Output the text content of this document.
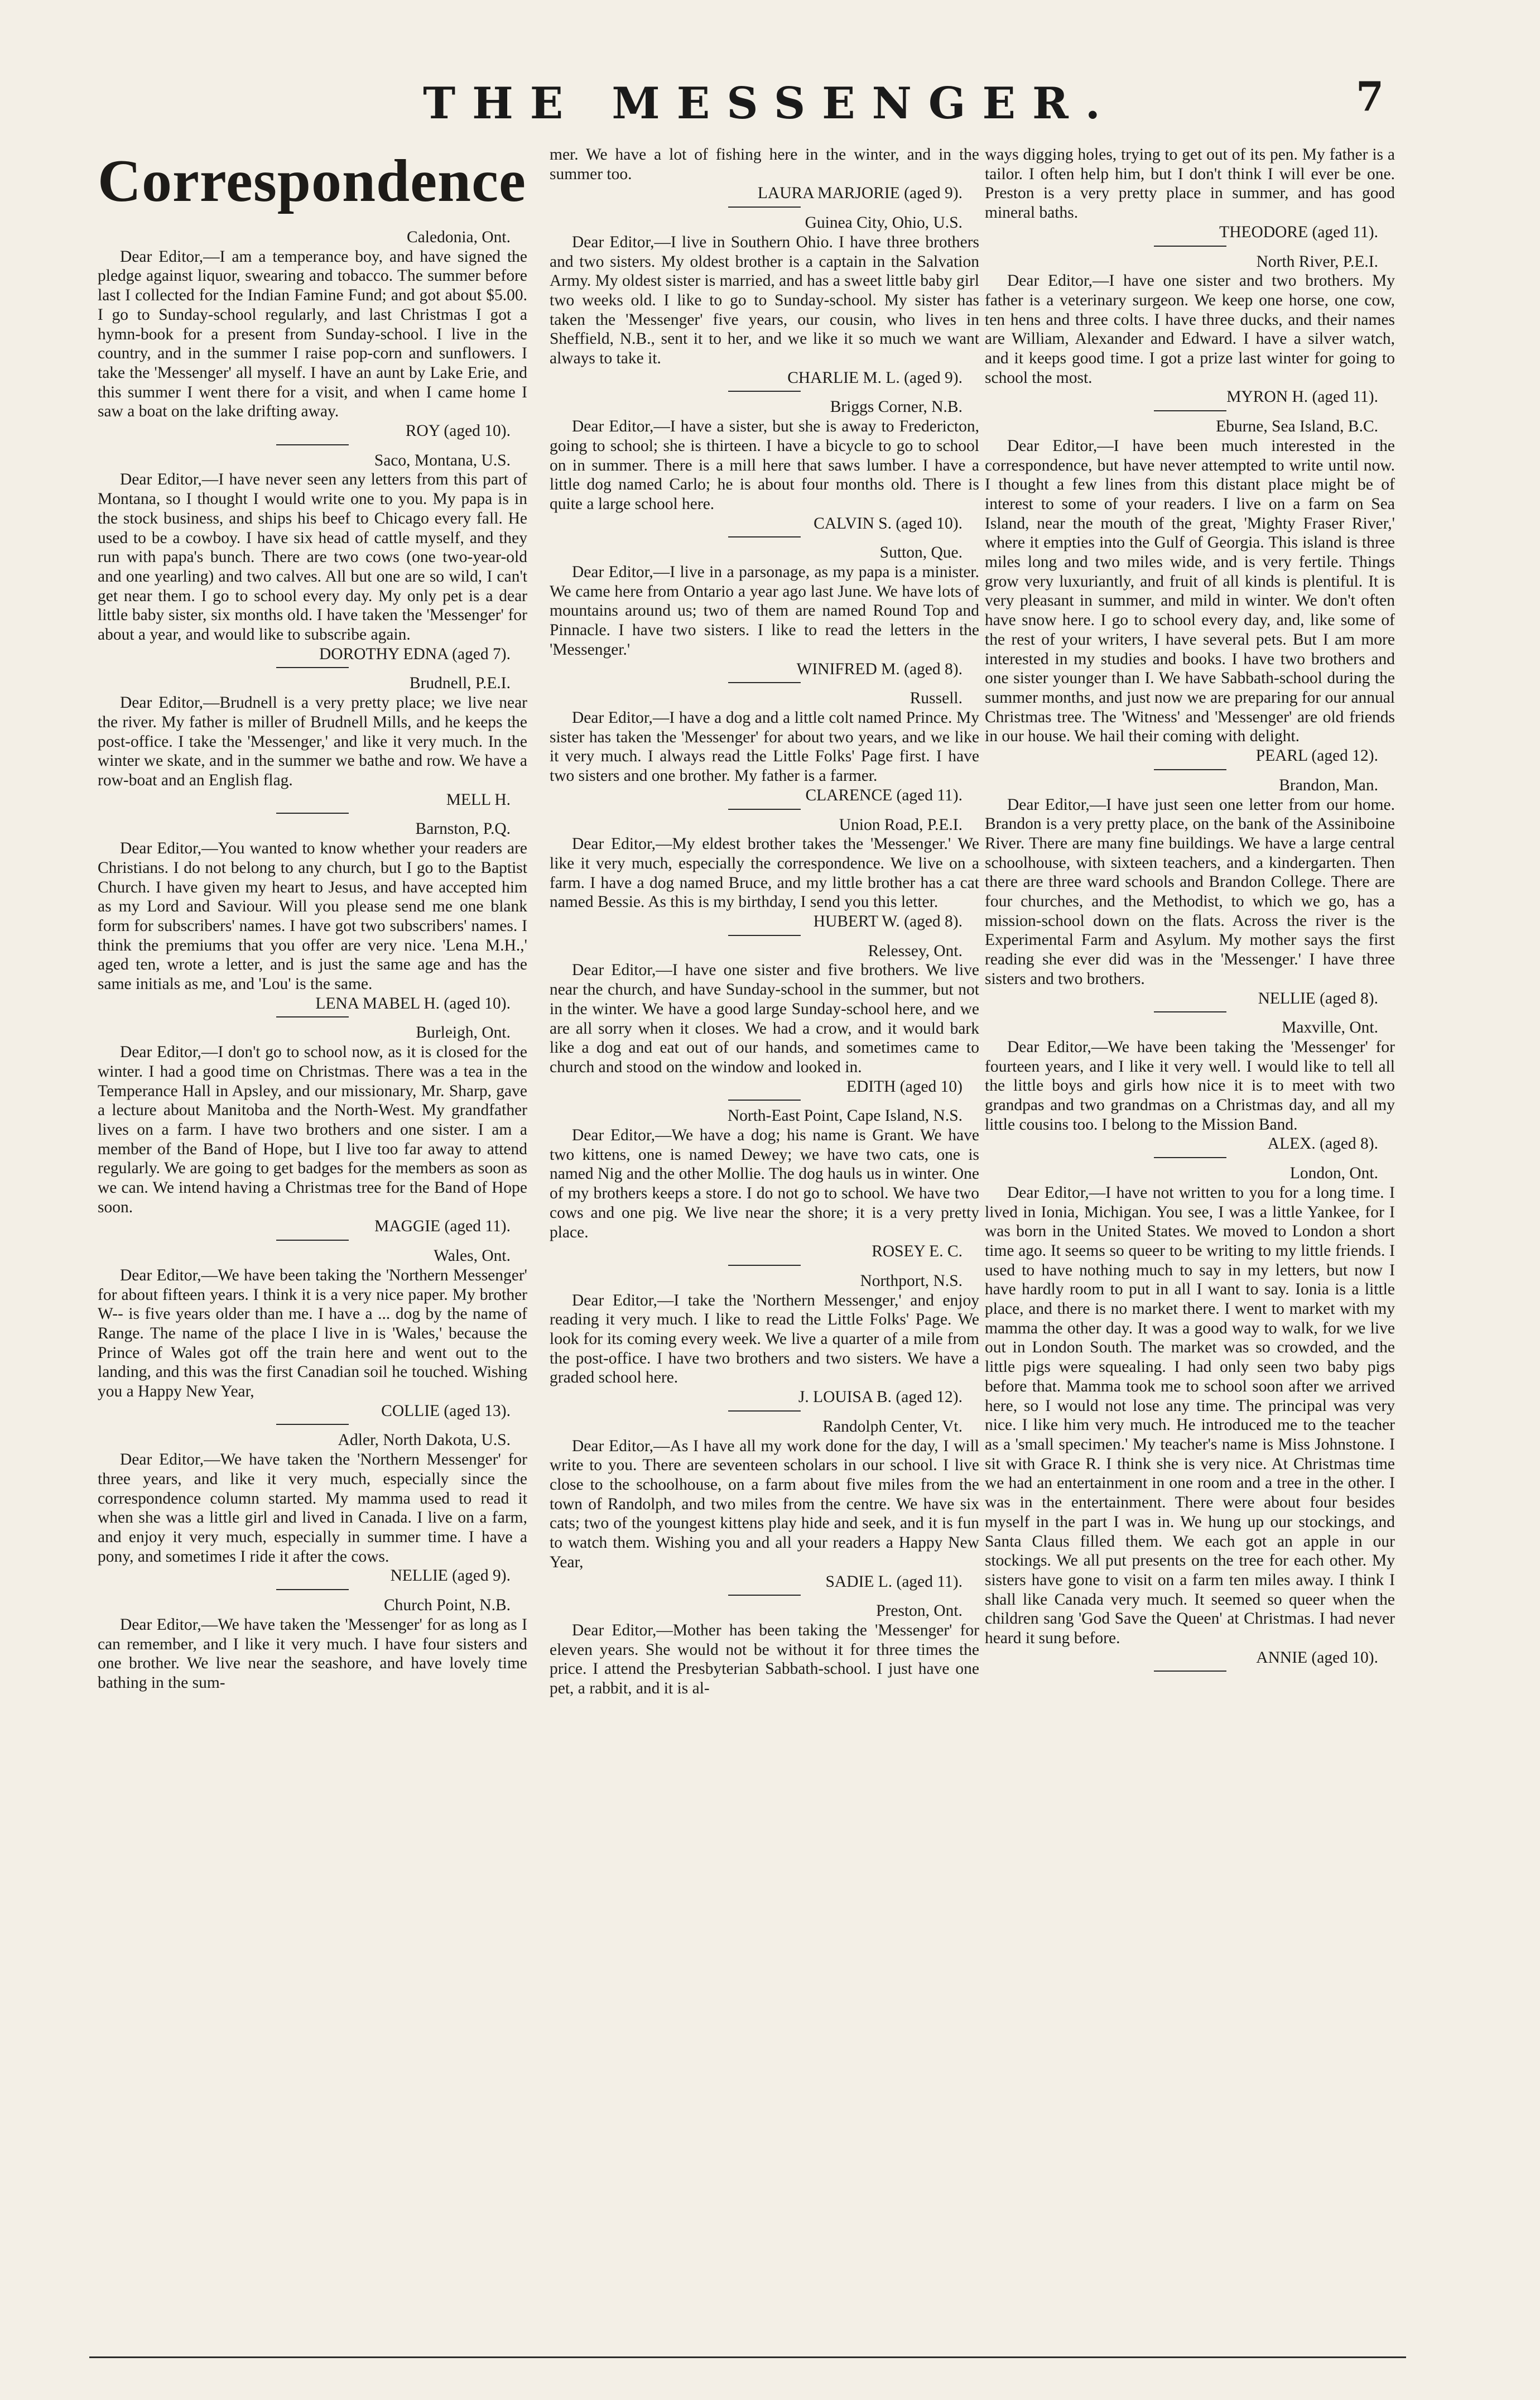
THE MESSENGER.	7
Correspondence

Caledonia, Ont.

Dear Editor,—I am a temperance boy, and have signed the pledge against liquor, swearing and tobacco. The summer before last I collected for the Indian Famine Fund; and got about $5.00. I go to Sunday-school regularly, and last Christmas I got a hymn-book for a present from Sunday-school. I live in the country, and in the summer I raise pop-corn and sunflowers. I take the 'Messenger' all myself. I have an aunt by Lake Erie, and this summer I went there for a visit, and when I came home I saw a boat on the lake drifting away.

ROY (aged 10).

Saco, Montana, U.S.

Dear Editor,—I have never seen any letters from this part of Montana, so I thought I would write one to you. My papa is in the stock business, and ships his beef to Chicago every fall. He used to be a cowboy. I have six head of cattle myself, and they run with papa's bunch. There are two cows (one two-year-old and one yearling) and two calves. All but one are so wild, I can't get near them. I go to school every day. My only pet is a dear little baby sister, six months old. I have taken the 'Messenger' for about a year, and would like to subscribe again.

DOROTHY EDNA (aged 7).

Brudnell, P.E.I.

Dear Editor,—Brudnell is a very pretty place; we live near the river. My father is miller of Brudnell Mills, and he keeps the post-office. I take the 'Messenger,' and like it very much. In the winter we skate, and in the summer we bathe and row. We have a row-boat and an English flag.

MELL H.

Barnston, P.Q.

Dear Editor,—You wanted to know whether your readers are Christians. I do not belong to any church, but I go to the Baptist Church. I have given my heart to Jesus, and have accepted him as my Lord and Saviour. Will you please send me one blank form for subscribers' names. I have got two subscribers' names. I think the premiums that you offer are very nice. 'Lena M.H.,' aged ten, wrote a letter, and is just the same age and has the same initials as me, and 'Lou' is the same.

LENA MABEL H. (aged 10).

Burleigh, Ont.

Dear Editor,—I don't go to school now, as it is closed for the winter. I had a good time on Christmas. There was a tea in the Temperance Hall in Apsley, and our missionary, Mr. Sharp, gave a lecture about Manitoba and the North-West. My grandfather lives on a farm. I have two brothers and one sister. I am a member of the Band of Hope, but I live too far away to attend regularly. We are going to get badges for the members as soon as we can. We intend having a Christmas tree for the Band of Hope soon.

MAGGIE (aged 11).

Wales, Ont.

Dear Editor,—We have been taking the 'Northern Messenger' for about fifteen years. I think it is a very nice paper. My brother W-- is five years older than me. I have a ... dog by the name of Range. The name of the place I live in is 'Wales,' because the Prince of Wales got off the train here and went out to the landing, and this was the first Canadian soil he touched. Wishing you a Happy New Year,

COLLIE (aged 13).

Adler, North Dakota, U.S.

Dear Editor,—We have taken the 'Northern Messenger' for three years, and like it very much, especially since the correspondence column started. My mamma used to read it when she was a little girl and lived in Canada. I live on a farm, and enjoy it very much, especially in summer time. I have a pony, and sometimes I ride it after the cows.

NELLIE (aged 9).

Church Point, N.B.

Dear Editor,—We have taken the 'Messenger' for as long as I can remember, and I like it very much. I have four sisters and one brother. We live near the seashore, and have lovely time bathing in the sum-

mer. We have a lot of fishing here in the winter, and in the summer too.

LAURA MARJORIE (aged 9).

Guinea City, Ohio, U.S.

Dear Editor,—I live in Southern Ohio. I have three brothers and two sisters. My oldest brother is a captain in the Salvation Army. My oldest sister is married, and has a sweet little baby girl two weeks old. I like to go to Sunday-school. My sister has taken the 'Messenger' five years, our cousin, who lives in Sheffield, N.B., sent it to her, and we like it so much we want always to take it.

CHARLIE M. L. (aged 9).

Briggs Corner, N.B.

Dear Editor,—I have a sister, but she is away to Fredericton, going to school; she is thirteen. I have a bicycle to go to school on in summer. There is a mill here that saws lumber. I have a little dog named Carlo; he is about four months old. There is quite a large school here.

CALVIN S. (aged 10).

Sutton, Que.

Dear Editor,—I live in a parsonage, as my papa is a minister. We came here from Ontario a year ago last June. We have lots of mountains around us; two of them are named Round Top and Pinnacle. I have two sisters. I like to read the letters in the 'Messenger.'

WINIFRED M. (aged 8).

Russell.

Dear Editor,—I have a dog and a little colt named Prince. My sister has taken the 'Messenger' for about two years, and we like it very much. I always read the Little Folks' Page first. I have two sisters and one brother. My father is a farmer.

CLARENCE (aged 11).

Union Road, P.E.I.

Dear Editor,—My eldest brother takes the 'Messenger.' We like it very much, especially the correspondence. We live on a farm. I have a dog named Bruce, and my little brother has a cat named Bessie. As this is my birthday, I send you this letter.

HUBERT W. (aged 8).

Relessey, Ont.

Dear Editor,—I have one sister and five brothers. We live near the church, and have Sunday-school in the summer, but not in the winter. We have a good large Sunday-school here, and we are all sorry when it closes. We had a crow, and it would bark like a dog and eat out of our hands, and sometimes came to church and stood on the window and looked in.

EDITH (aged 10)

North-East Point, Cape Island, N.S.

Dear Editor,—We have a dog; his name is Grant. We have two kittens, one is named Dewey; we have two cats, one is named Nig and the other Mollie. The dog hauls us in winter. One of my brothers keeps a store. I do not go to school. We have two cows and one pig. We live near the shore; it is a very pretty place.

ROSEY E. C.

Northport, N.S.

Dear Editor,—I take the 'Northern Messenger,' and enjoy reading it very much. I like to read the Little Folks' Page. We look for its coming every week. We live a quarter of a mile from the post-office. I have two brothers and two sisters. We have a graded school here.

J. LOUISA B. (aged 12).

Randolph Center, Vt.

Dear Editor,—As I have all my work done for the day, I will write to you. There are seventeen scholars in our school. I live close to the schoolhouse, on a farm about five miles from the town of Randolph, and two miles from the centre. We have six cats; two of the youngest kittens play hide and seek, and it is fun to watch them. Wishing you and all your readers a Happy New Year,

SADIE L. (aged 11).

Preston, Ont.

Dear Editor,—Mother has been taking the 'Messenger' for eleven years. She would not be without it for three times the price. I attend the Presbyterian Sabbath-school. I just have one pet, a rabbit, and it is al-

ways digging holes, trying to get out of its pen. My father is a tailor. I often help him, but I don't think I will ever be one. Preston is a very pretty place in summer, and has good mineral baths.

THEODORE (aged 11).

North River, P.E.I.

Dear Editor,—I have one sister and two brothers. My father is a veterinary surgeon. We keep one horse, one cow, ten hens and three colts. I have three ducks, and their names are William, Alexander and Edward. I have a silver watch, and it keeps good time. I got a prize last winter for going to school the most.

MYRON H. (aged 11).

Eburne, Sea Island, B.C.

Dear Editor,—I have been much interested in the correspondence, but have never attempted to write until now. I thought a few lines from this distant place might be of interest to some of your readers. I live on a farm on Sea Island, near the mouth of the great, 'Mighty Fraser River,' where it empties into the Gulf of Georgia. This island is three miles long and two miles wide, and is very fertile. Things grow very luxuriantly, and fruit of all kinds is plentiful. It is very pleasant in summer, and mild in winter. We don't often have snow here. I go to school every day, and, like some of the rest of your writers, I have several pets. But I am more interested in my studies and books. I have two brothers and one sister younger than I. We have Sabbath-school during the summer months, and just now we are preparing for our annual Christmas tree. The 'Witness' and 'Messenger' are old friends in our house. We hail their coming with delight.

PEARL (aged 12).

Brandon, Man.

Dear Editor,—I have just seen one letter from our home. Brandon is a very pretty place, on the bank of the Assiniboine River. There are many fine buildings. We have a large central schoolhouse, with sixteen teachers, and a kindergarten. Then there are three ward schools and Brandon College. There are four churches, and the Methodist, to which we go, has a mission-school down on the flats. Across the river is the Experimental Farm and Asylum. My mother says the first reading she ever did was in the 'Messenger.' I have three sisters and two brothers.

NELLIE (aged 8).

Maxville, Ont.

Dear Editor,—We have been taking the 'Messenger' for fourteen years, and I like it very well. I would like to tell all the little boys and girls how nice it is to meet with two grandpas and two grandmas on a Christmas day, and all my little cousins too. I belong to the Mission Band.

ALEX. (aged 8).

London, Ont.

Dear Editor,—I have not written to you for a long time. I lived in Ionia, Michigan. You see, I was a little Yankee, for I was born in the United States. We moved to London a short time ago. It seems so queer to be writing to my little friends. I used to have nothing much to say in my letters, but now I have hardly room to put in all I want to say. Ionia is a little place, and there is no market there. I went to market with my mamma the other day. It was a good way to walk, for we live out in London South. The market was so crowded, and the little pigs were squealing. I had only seen two baby pigs before that. Mamma took me to school soon after we arrived here, so I would not lose any time. The principal was very nice. I like him very much. He introduced me to the teacher as a 'small specimen.' My teacher's name is Miss Johnstone. I sit with Grace R. I think she is very nice. At Christmas time we had an entertainment in one room and a tree in the other. I was in the entertainment. There were about four besides myself in the part I was in. We hung up our stockings, and Santa Claus filled them. We each got an apple in our stockings. We all put presents on the tree for each other. My sisters have gone to visit on a farm ten miles away. I think I shall like Canada very much. It seemed so queer when the children sang 'God Save the Queen' at Christmas. I had never heard it sung before.

ANNIE (aged 10).
